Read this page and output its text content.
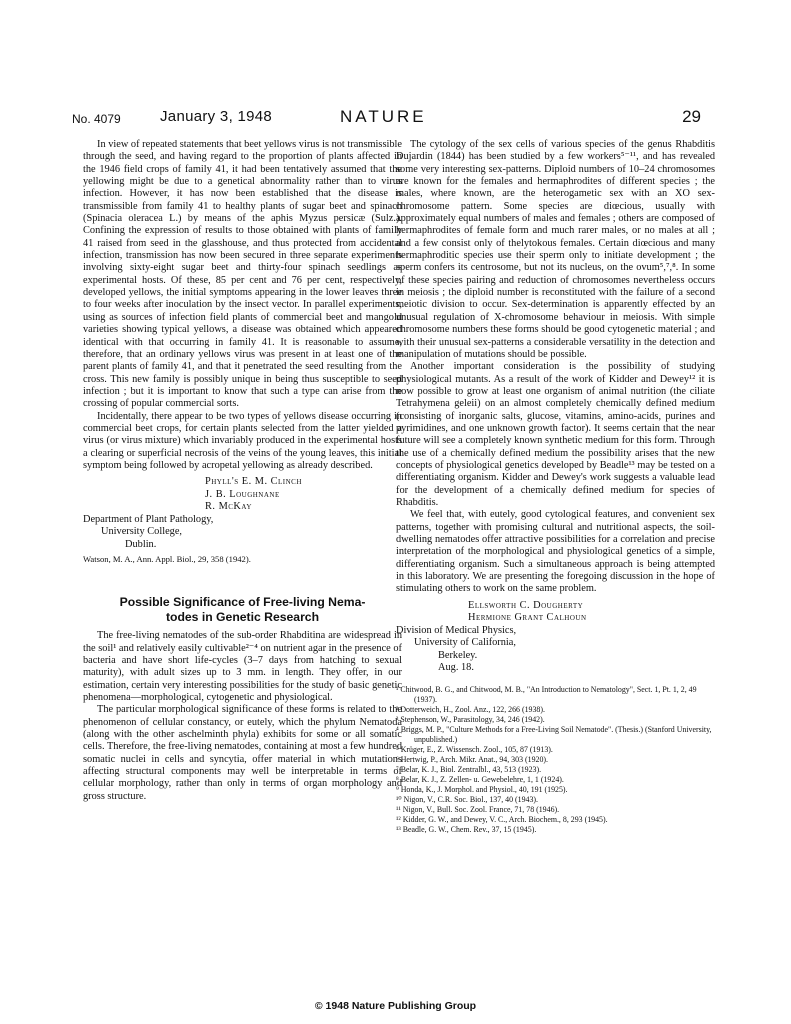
No. 4079	January 3, 1948	NATURE	29

In view of repeated statements that beet yellows virus is not transmissible through the seed, and having regard to the proportion of plants affected in the 1946 field crops of family 41, it had been tentatively assumed that the yellowing might be due to a genetical abnormality rather than to virus infection. However, it has now been established that the disease is transmissible from family 41 to healthy plants of sugar beet and spinach (Spinacia oleracea L.) by means of the aphis Myzus persicæ (Sulz.). Confining the expression of results to those obtained with plants of family 41 raised from seed in the glasshouse, and thus protected from accidental infection, transmission has now been secured in three separate experiments involving sixty-eight sugar beet and thirty-four spinach seedlings as experimental hosts. Of these, 85 per cent and 76 per cent, respectively, developed yellows, the initial symptoms appearing in the lower leaves three to four weeks after inoculation by the insect vector. In parallel experiments, using as sources of infection field plants of commercial beet and mangold varieties showing typical yellows, a disease was obtained which appeared identical with that occurring in family 41. It is reasonable to assume, therefore, that an ordinary yellows virus was present in at least one of the parent plants of family 41, and that it penetrated the seed resulting from the cross. This new family is possibly unique in being thus susceptible to seed infection ; but it is important to know that such a type can arise from the crossing of popular commercial sorts.

Incidentally, there appear to be two types of yellows disease occurring in commercial beet crops, for certain plants selected from the latter yielded a virus (or virus mixture) which invariably produced in the experimental hosts a clearing or superficial necrosis of the veins of the young leaves, this initial symptom being followed by acropetal yellowing as already described.

Phyll's E. M. Clinch
J. B. Loughnane
R. McKay
Department of Plant Pathology,
University College,
Dublin.
Watson, M. A., Ann. Appl. Biol., 29, 358 (1942).
Possible Significance of Free-living Nema-
todes in Genetic Research

The free-living nematodes of the sub-order Rhabditina are widespread in the soil¹ and relatively easily cultivable²⁻⁴ on nutrient agar in the presence of bacteria and have short life-cycles (3–7 days from hatching to sexual maturity), with adult sizes up to 3 mm. in length. They offer, in our estimation, certain very interesting possibilities for the study of basic genetic phenomena—morphological, cytogenetic and physiological.

The particular morphological significance of these forms is related to the phenomenon of cellular constancy, or eutely, which the phylum Nematoda (along with the other aschelminth phyla) exhibits for some or all somatic cells. Therefore, the free-living nematodes, containing at most a few hundred somatic nuclei in cells and syncytia, offer material in which mutations affecting structural components may well be interpretable in terms of cellular morphology, rather than only in terms of organ morphology and gross structure.

The cytology of the sex cells of various species of the genus Rhabditis Dujardin (1844) has been studied by a few workers⁵⁻¹¹, and has revealed some very interesting sex-patterns. Diploid numbers of 10–24 chromosomes are known for the females and hermaphrodites of different species ; the males, where known, are the heterogametic sex with an XO sex-chromosome pattern. Some species are diœcious, usually with approximately equal numbers of males and females ; others are composed of hermaphrodites of female form and much rarer males, or no males at all ; and a few consist only of thelytokous females. Certain diœcious and many hermaphroditic species use their sperm only to initiate development ; the sperm confers its centrosome, but not its nucleus, on the ovum⁵,⁷,⁸. In some of these species pairing and reduction of chromosomes nevertheless occurs in meiosis ; the diploid number is reconstituted with the failure of a second meiotic division to occur. Sex-determination is apparently effected by an unusual regulation of X-chromosome behaviour in meiosis. With simple chromosome numbers these forms should be good cytogenetic material ; and with their unusual sex-patterns a considerable versatility in the detection and manipulation of mutations should be possible.

Another important consideration is the possibility of studying physiological mutants. As a result of the work of Kidder and Dewey¹² it is now possible to grow at least one organism of animal nutrition (the ciliate Tetrahymena geleii) on an almost completely chemically defined medium (consisting of inorganic salts, glucose, vitamins, amino-acids, purines and pyrimidines, and one unknown growth factor). It seems certain that the near future will see a completely known synthetic medium for this form. Through the use of a chemically defined medium the possibility arises that the new concepts of physiological genetics developed by Beadle¹³ may be tested on a differentiating organism. Kidder and Dewey's work suggests a valuable lead for the development of a chemically defined medium for species of Rhabditis.

We feel that, with eutely, good cytological features, and convenient sex patterns, together with promising cultural and nutritional aspects, the soil-dwelling nematodes offer attractive possibilities for a correlation and precise interpretation of the morphological and physiological genetics of a simple, differentiating organism. Such a simultaneous approach is being attempted in this laboratory. We are presenting the foregoing discussion in the hope of stimulating others to work on the same problem.

Ellsworth C. Dougherty
Hermione Grant Calhoun
Division of Medical Physics,
University of California,
Berkeley.
Aug. 18.
¹ Chitwood, B. G., and Chitwood, M. B., "An Introduction to Nematology", Sect. 1, Pt. 1, 2, 49 (1937).
² Dotterweich, H., Zool. Anz., 122, 266 (1938).
³ Stephenson, W., Parasitology, 34, 246 (1942).
⁴ Briggs, M. P., "Culture Methods for a Free-Living Soil Nematode". (Thesis.) (Stanford University, unpublished.)
⁵ Krüger, E., Z. Wissensch. Zool., 105, 87 (1913).
⁶ Hertwig, P., Arch. Mikr. Anat., 94, 303 (1920).
⁷ Belar, K. J., Biol. Zentralbl., 43, 513 (1923).
⁸ Belar, K. J., Z. Zellen- u. Gewebelehre, 1, 1 (1924).
⁹ Honda, K., J. Morphol. and Physiol., 40, 191 (1925).
¹⁰ Nigon, V., C.R. Soc. Biol., 137, 40 (1943).
¹¹ Nigon, V., Bull. Soc. Zool. France, 71, 78 (1946).
¹² Kidder, G. W., and Dewey, V. C., Arch. Biochem., 8, 293 (1945).
¹³ Beadle, G. W., Chem. Rev., 37, 15 (1945).
© 1948 Nature Publishing Group
